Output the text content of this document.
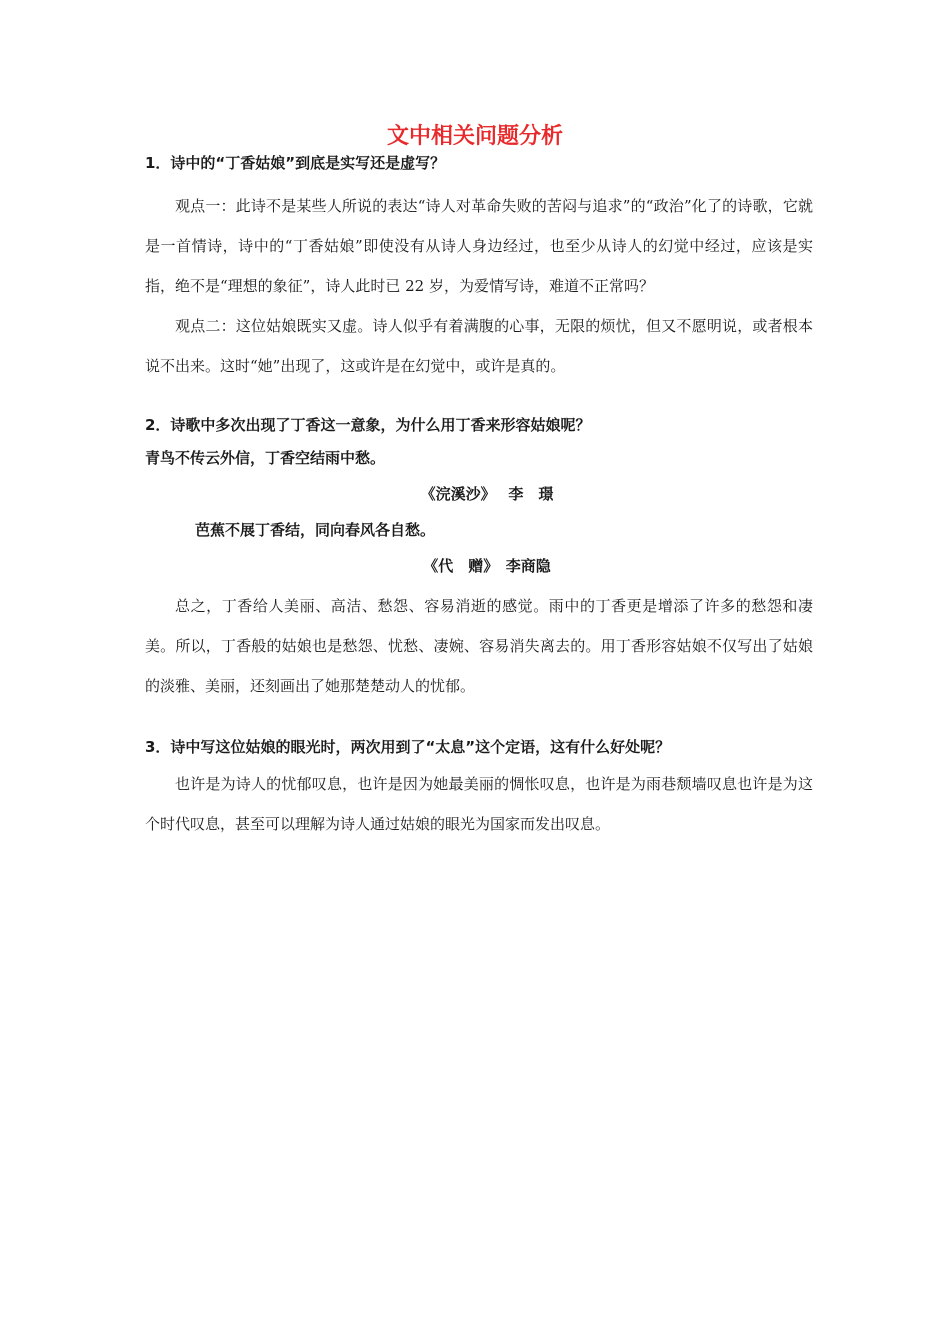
文中相关问题分析

1．诗中的“丁香姑娘”到底是实写还是虚写？

观点一：此诗不是某些人所说的表达“诗人对革命失败的苦闷与追求”的“政治”化了的诗歌，它就是一首情诗，诗中的“丁香姑娘”即使没有从诗人身边经过，也至少从诗人的幻觉中经过，应该是实指，绝不是“理想的象征”，诗人此时已 22 岁，为爱情写诗，难道不正常吗？

观点二：这位姑娘既实又虚。诗人似乎有着满腹的心事，无限的烦忧，但又不愿明说，或者根本说不出来。这时“她”出现了，这或许是在幻觉中，或许是真的。

2．诗歌中多次出现了丁香这一意象，为什么用丁香来形容姑娘呢？

青鸟不传云外信，丁香空结雨中愁。

《浣溪沙》　 李　璟

芭蕉不展丁香结，同向春风各自愁。

《代　赠》　李商隐

总之，丁香给人美丽、高洁、愁怨、容易消逝的感觉。雨中的丁香更是增添了许多的愁怨和凄美。所以，丁香般的姑娘也是愁怨、忧愁、凄婉、容易消失离去的。用丁香形容姑娘不仅写出了姑娘的淡雅、美丽，还刻画出了她那楚楚动人的忧郁。

3．诗中写这位姑娘的眼光时，两次用到了“太息”这个定语，这有什么好处呢？

也许是为诗人的忧郁叹息，也许是因为她最美丽的惆怅叹息，也许是为雨巷颓墙叹息也许是为这个时代叹息，甚至可以理解为诗人通过姑娘的眼光为国家而发出叹息。
